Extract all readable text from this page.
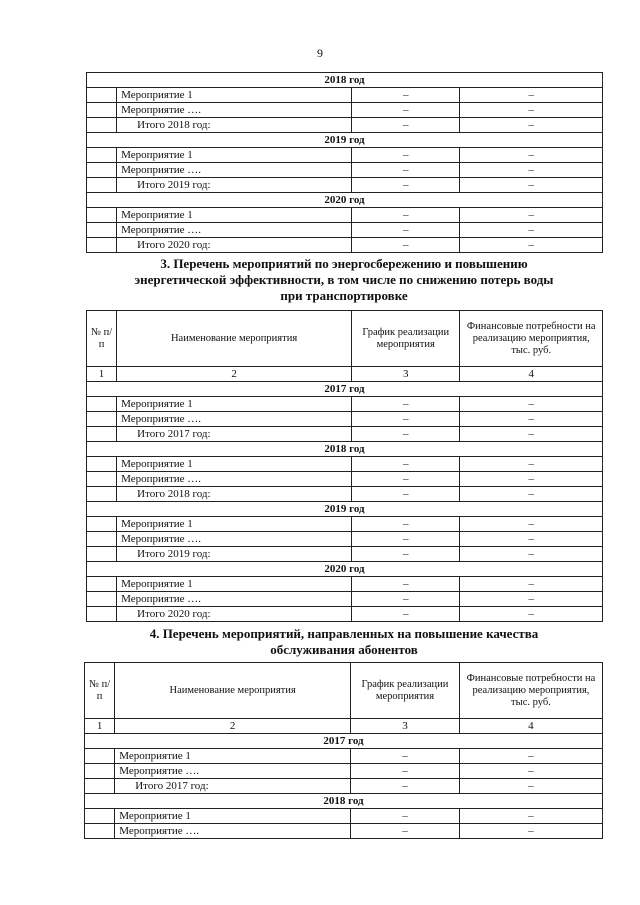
9
2018 год			
	Мероприятие 1	–	–
	Мероприятие ….	–	–
	Итого 2018 год:	–	–
2019 год			
	Мероприятие 1	–	–
	Мероприятие ….	–	–
	Итого 2019 год:	–	–
2020 год			
	Мероприятие 1	–	–
	Мероприятие ….	–	–
	Итого 2020 год:	–	–
3. Перечень мероприятий по энергосбережению и повышению
энергетической эффективности, в том числе по снижению потерь воды
при транспортировке
№ п/п	Наименование мероприятия	График реализации мероприятия	Финансовые потребности на реализацию мероприятия, тыс. руб.
1	2	3	4
2017 год			
	Мероприятие 1	–	–
	Мероприятие ….	–	–
	Итого 2017 год:	–	–
2018 год			
	Мероприятие 1	–	–
	Мероприятие ….	–	–
	Итого 2018 год:	–	–
2019 год			
	Мероприятие 1	–	–
	Мероприятие ….	–	–
	Итого 2019 год:	–	–
2020 год			
	Мероприятие 1	–	–
	Мероприятие ….	–	–
	Итого 2020 год:	–	–
4. Перечень мероприятий, направленных на повышение качества
обслуживания абонентов
№ п/п	Наименование мероприятия	График реализации мероприятия	Финансовые потребности на реализацию мероприятия, тыс. руб.
1	2	3	4
2017 год			
	Мероприятие 1	–	–
	Мероприятие ….	–	–
	Итого 2017 год:	–	–
2018 год			
	Мероприятие 1	–	–
	Мероприятие ….	–	–
